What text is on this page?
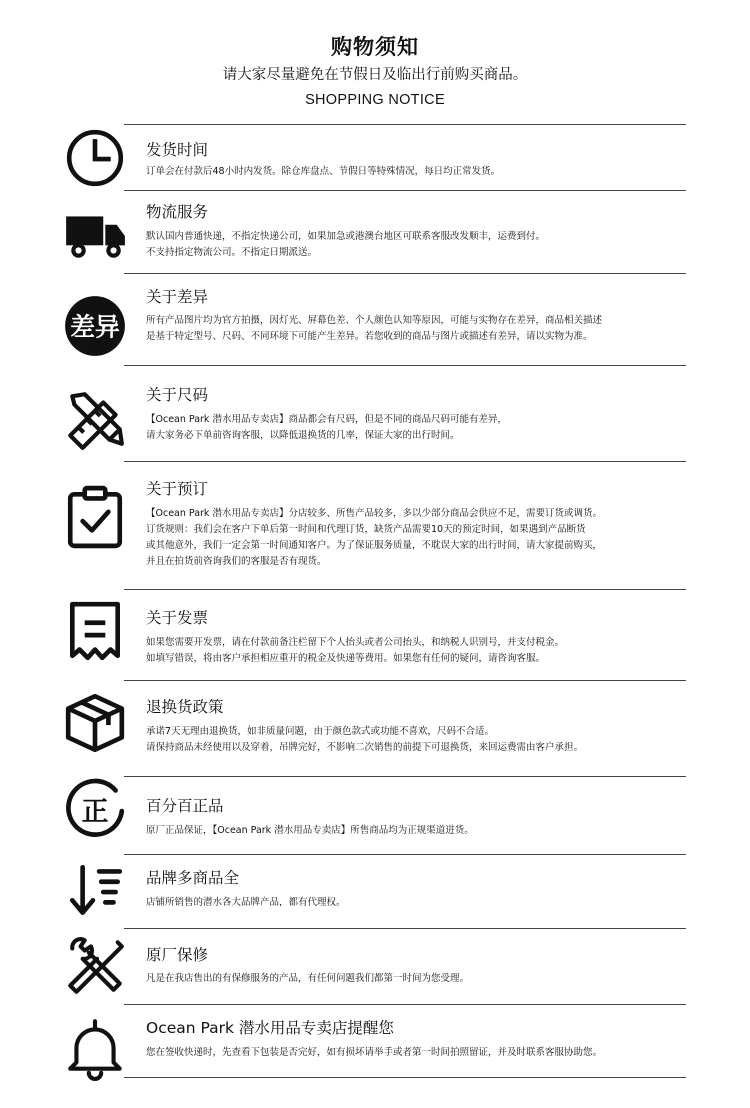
购物须知
请大家尽量避免在节假日及临出行前购买商品。
SHOPPING NOTICE
发货时间
订单会在付款后48小时内发货。除仓库盘点、节假日等特殊情况，每日均正常发货。
物流服务
默认国内普通快递，不指定快递公司，如果加急或港澳台地区可联系客服改发顺丰，运费到付。
不支持指定物流公司。不指定日期派送。
差异
关于差异
所有产品图片均为官方拍摄，因灯光、屏幕色差、个人颜色认知等原因，可能与实物存在差异，商品相关描述
是基于特定型号、尺码、不同环境下可能产生差异。若您收到的商品与图片或描述有差异，请以实物为准。
关于尺码
【Ocean Park 潜水用品专卖店】商品都会有尺码，但是不同的商品尺码可能有差异，
请大家务必下单前咨询客服，以降低退换货的几率，保证大家的出行时间。
关于预订
【Ocean Park 潜水用品专卖店】分店较多、所售产品较多，多以少部分商品会供应不足，需要订货或调货。
订货规则：我们会在客户下单后第一时间和代理订货，缺货产品需要10天的预定时间，如果遇到产品断货
或其他意外，我们一定会第一时间通知客户。为了保证服务质量，不耽误大家的出行时间，请大家提前购买，
并且在拍货前咨询我们的客服是否有现货。
关于发票
如果您需要开发票，请在付款前备注栏留下个人抬头或者公司抬头，和纳税人识别号，并支付税金。
如填写错误，将由客户承担相应重开的税金及快递等费用。如果您有任何的疑问，请咨询客服。
退换货政策
承诺7天无理由退换货，如非质量问题，由于颜色款式或功能不喜欢，尺码不合适。
请保持商品未经使用以及穿着，吊牌完好，不影响二次销售的前提下可退换货，来回运费需由客户承担。
正 百分百正品
原厂正品保证，【Ocean Park 潜水用品专卖店】所售商品均为正规渠道进货。
品牌多商品全
店铺所销售的潜水各大品牌产品，都有代理权。
原厂保修
凡是在我店售出的有保修服务的产品，有任何问题我们都第一时间为您受理。
Ocean Park 潜水用品专卖店提醒您
您在签收快递时，先查看下包装是否完好，如有损坏请举手或者第一时间拍照留证，并及时联系客服协助您。
